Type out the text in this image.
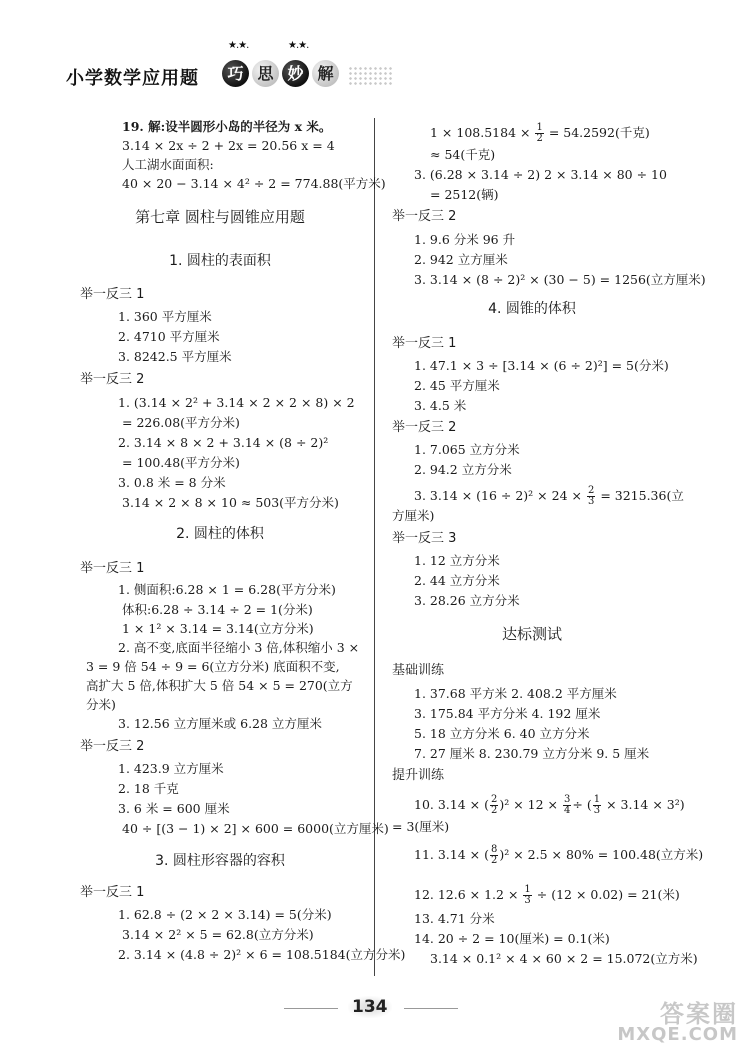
小学数学应用题
★.★.	★.★.
巧 思 妙 解
19. 解:设半圆形小岛的半径为 x 米。
3.14 × 2x ÷ 2 + 2x = 20.56 x = 4
人工湖水面面积:
40 × 20 − 3.14 × 4² ÷ 2 = 774.88(平方米)
第七章 圆柱与圆锥应用题
1. 圆柱的表面积
举一反三 1
1. 360 平方厘米
2. 4710 平方厘米
3. 8242.5 平方厘米
举一反三 2
1. (3.14 × 2² + 3.14 × 2 × 2 × 8) × 2
= 226.08(平方分米)
2. 3.14 × 8 × 2 + 3.14 × (8 ÷ 2)²
= 100.48(平方分米)
3. 0.8 米 = 8 分米
3.14 × 2 × 8 × 10 ≈ 503(平方分米)
2. 圆柱的体积
举一反三 1
1. 侧面积:6.28 × 1 = 6.28(平方分米)
体积:6.28 ÷ 3.14 ÷ 2 = 1(分米)
1 × 1² × 3.14 = 3.14(立方分米)
2. 高不变,底面半径缩小 3 倍,体积缩小 3 ×
3 = 9 倍 54 ÷ 9 = 6(立方分米) 底面积不变,
高扩大 5 倍,体积扩大 5 倍 54 × 5 = 270(立方
分米)
3. 12.56 立方厘米或 6.28 立方厘米
举一反三 2
1. 423.9 立方厘米
2. 18 千克
3. 6 米 = 600 厘米
40 ÷ [(3 − 1) × 2] × 600 = 6000(立方厘米)
3. 圆柱形容器的容积
举一反三 1
1. 62.8 ÷ (2 × 2 × 3.14) = 5(分米)
3.14 × 2² × 5 = 62.8(立方分米)
2. 3.14 × (4.8 ÷ 2)² × 6 = 108.5184(立方分米)
$1 \times 108.5184 \times \frac{1}{2} = 54.2592$(千克)
≈ 54(千克)
3. (6.28 × 3.14 ÷ 2) 2 × 3.14 × 80 ÷ 10
= 2512(辆)
举一反三 2
1. 9.6 分米 96 升
2. 942 立方厘米
3. 3.14 × (8 ÷ 2)² × (30 − 5) = 1256(立方厘米)
4. 圆锥的体积
举一反三 1
1. 47.1 × 3 ÷ [3.14 × (6 ÷ 2)²] = 5(分米)
2. 45 平方厘米
3. 4.5 米
举一反三 2
1. 7.065 立方分米
2. 94.2 立方分米
3. $3.14 \times (16 \div 2)^2 \times 24 \times \frac{2}{3} = 3215.36$(立
方厘米)
举一反三 3
1. 12 立方分米
2. 44 立方分米
3. 28.26 立方分米
达标测试
基础训练
1. 37.68 平方米 2. 408.2 平方厘米
3. 175.84 平方分米 4. 192 厘米
5. 18 立方分米 6. 40 立方分米
7. 27 厘米 8. 230.79 立方分米 9. 5 厘米
提升训练
10. 3.14 × ( $\frac{2}{2} )^2 \times 12 \times \frac{3}{4}$ ÷ ( $\frac{1}{3} \times 3.14 \times 3^2$)
= 3(厘米)
11. 3.14 × ( $\frac{8}{2} )^2 \times 2.5 \times 80\% = 100.48$(立方米)
12. $12.6 \times 1.2 \times \frac{1}{3} \div (12 \times 0.02) = 21$(米)
13. 4.71 分米
14. 20 ÷ 2 = 10(厘米) = 0.1(米)
3.14 × 0.1² × 4 × 60 × 2 = 15.072(立方米)
134	答案圈
MXQE.COM
